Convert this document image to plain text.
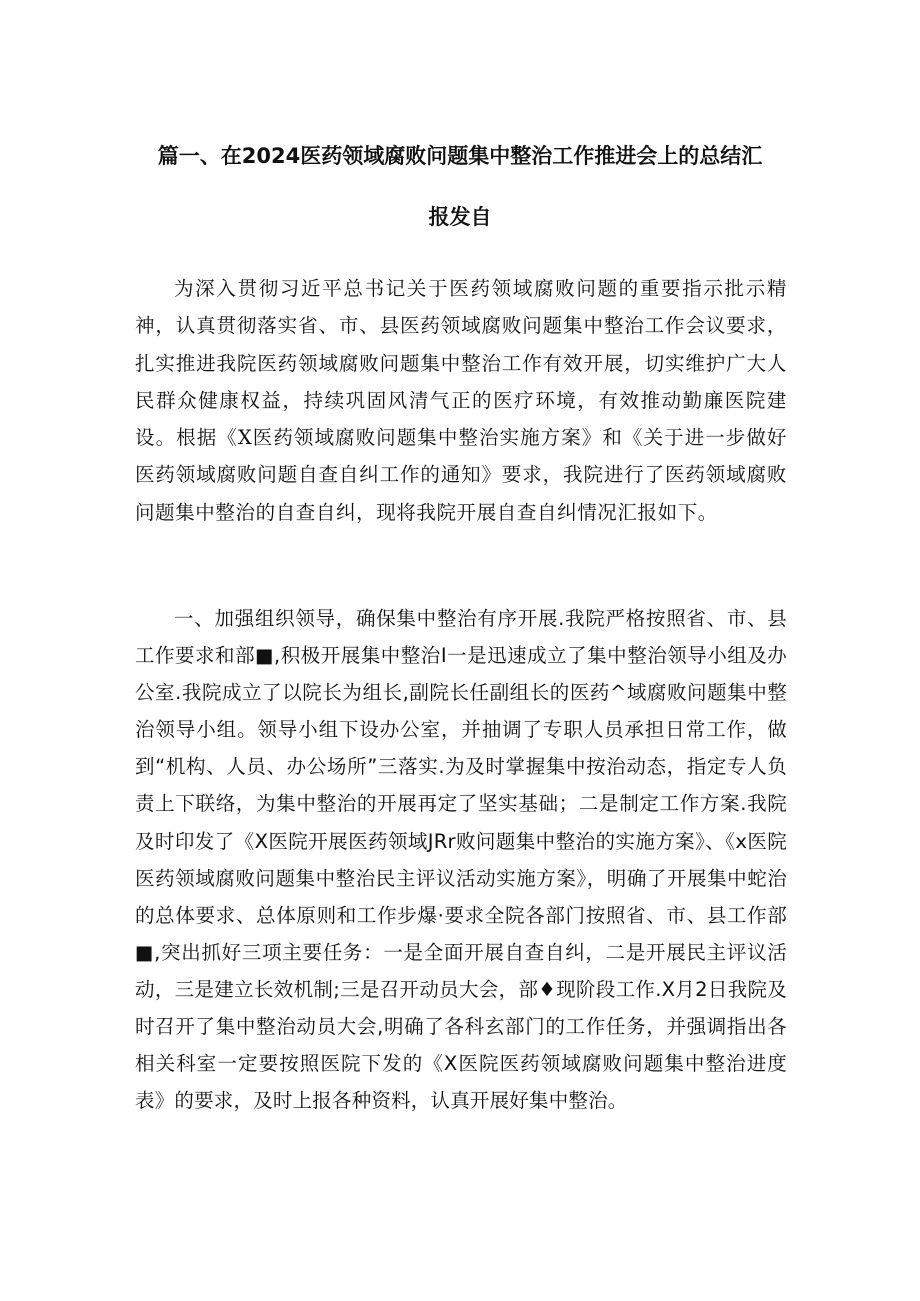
篇一、在2024医药领域腐败问题集中整治工作推进会上的总结汇
报发自

为深入贯彻习近平总书记关于医药领域腐败问题的重要指示批示精神，认真贯彻落实省、市、县医药领域腐败问题集中整治工作会议要求，扎实推进我院医药领域腐败问题集中整治工作有效开展，切实维护广大人民群众健康权益，持续巩固风清气正的医疗环境，有效推动勤廉医院建设。根据《X医药领域腐败问题集中整治实施方案》和《关于进一步做好医药领域腐败问题自查自纠工作的通知》要求，我院进行了医药领域腐败问题集中整治的自查自纠，现将我院开展自查自纠情况汇报如下。

一、加强组织领导，确保集中整治有序开展.我院严格按照省、市、县工作要求和部■,积极开展集中整治I一是迅速成立了集中整治领导小组及办公室.我院成立了以院长为组长,副院长任副组长的医药^域腐败问题集中整治领导小组。领导小组下设办公室，并抽调了专职人员承担日常工作，做到“机构、人员、办公场所”三落实.为及时掌握集中按治动态，指定专人负责上下联络，为集中整治的开展再定了坚实基础；二是制定工作方案.我院及时印发了《X医院开展医药领域JRr败问题集中整治的实施方案》、《x医院医药领域腐败问题集中整治民主评议活动实施方案》，明确了开展集中蛇治的总体要求、总体原则和工作步爆·要求全院各部门按照省、市、县工作部■,突出抓好三项主要任务：一是全面开展自查自纠，二是开展民主评议活动，三是建立长效机制;三是召开动员大会，部♦现阶段工作.X月2日我院及时召开了集中整治动员大会,明确了各科玄部门的工作任务，并强调指出各相关科室一定要按照医院下发的《X医院医药领域腐败问题集中整治进度表》的要求，及时上报各种资料，认真开展好集中整治。
